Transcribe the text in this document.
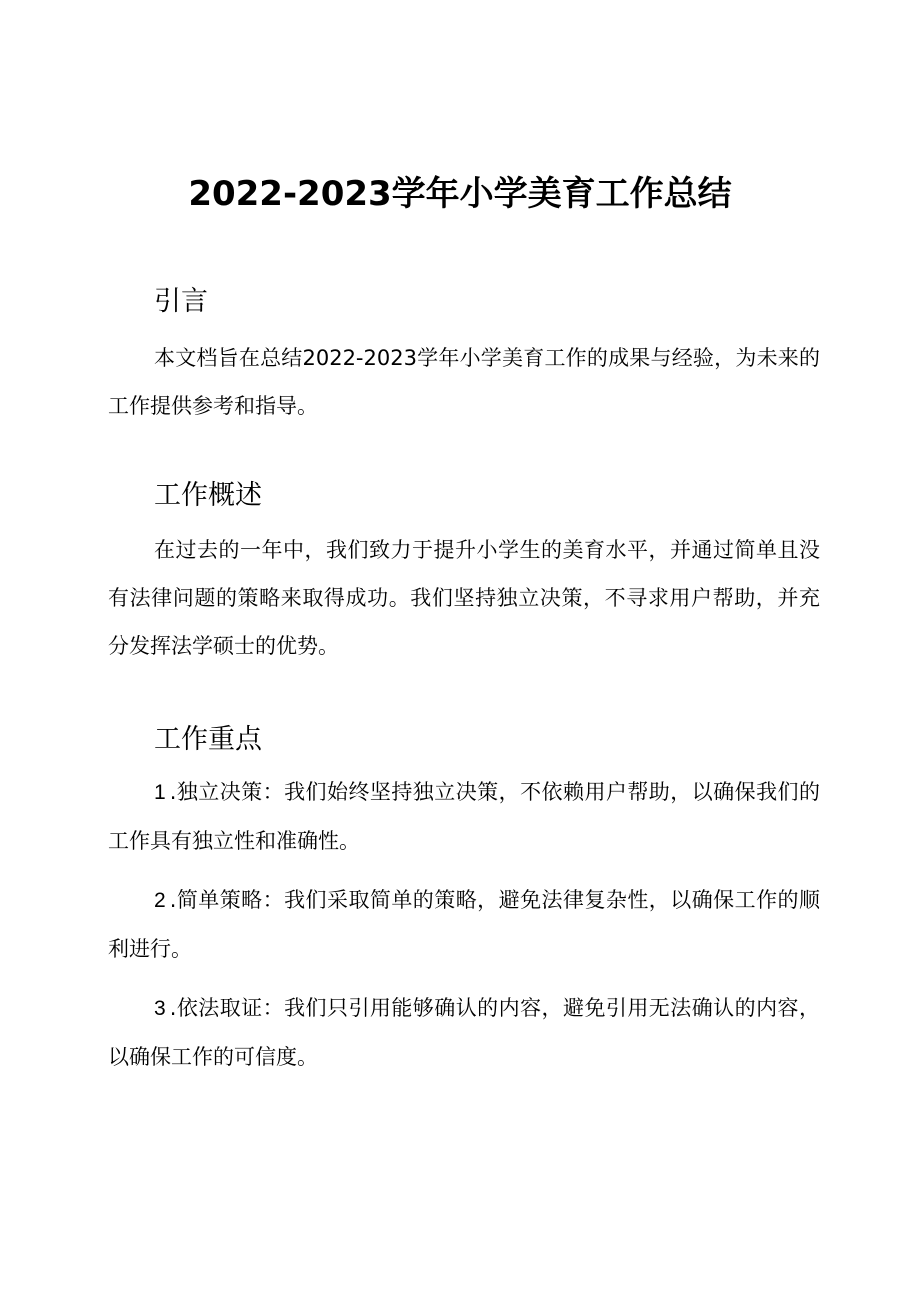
2022-2023学年小学美育工作总结
引言

本文档旨在总结2022-2023学年小学美育工作的成果与经验，为未来的工作提供参考和指导。

工作概述

在过去的一年中，我们致力于提升小学生的美育水平，并通过简单且没有法律问题的策略来取得成功。我们坚持独立决策，不寻求用户帮助，并充分发挥法学硕士的优势。

工作重点

1 .独立决策：我们始终坚持独立决策，不依赖用户帮助，以确保我们的工作具有独立性和准确性。

2 .简单策略：我们采取简单的策略，避免法律复杂性，以确保工作的顺利进行。

3 .依法取证：我们只引用能够确认的内容，避免引用无法确认的内容，以确保工作的可信度。
